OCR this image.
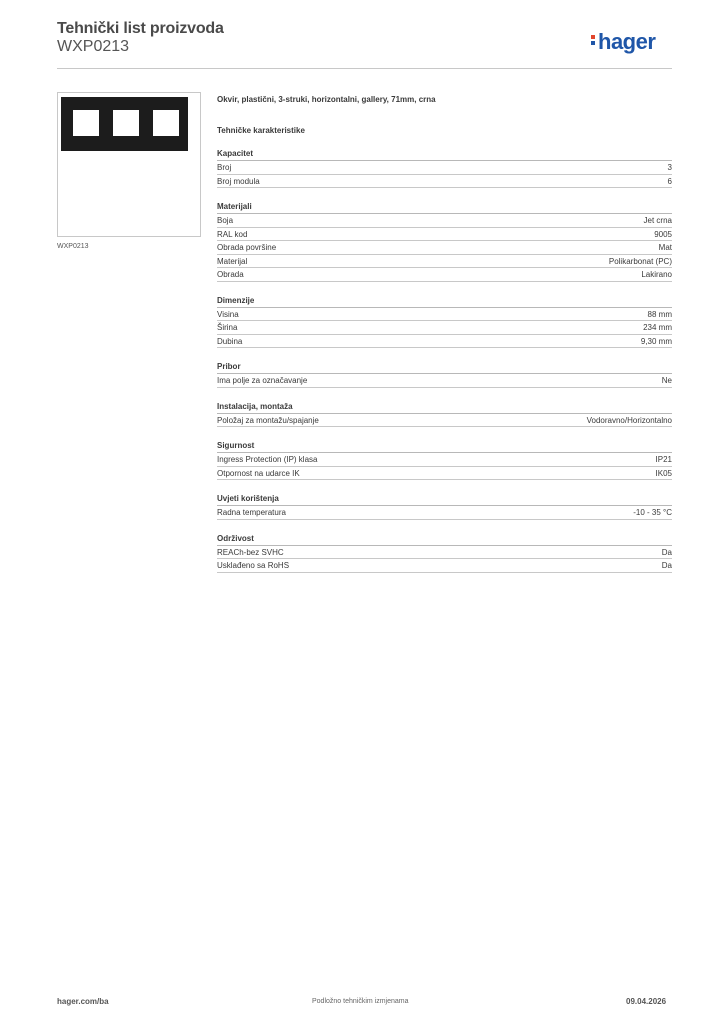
Tehnički list proizvoda
WXP0213	hager
WXP0213
Okvir, plastični, 3-struki, horizontalni, gallery, 71mm, crna
Tehničke karakteristike
Kapacitet
Broj	3
Broj modula	6
Materijali
Boja	Jet crna
RAL kod	9005
Obrada površine	Mat
Materijal	Polikarbonat (PC)
Obrada	Lakirano
Dimenzije
Visina	88 mm
Širina	234 mm
Dubina	9,30 mm
Pribor
Ima polje za označavanje	Ne
Instalacija, montaža
Položaj za montažu/spajanje	Vodoravno/Horizontalno
Sigurnost
Ingress Protection (IP) klasa	IP21
Otpornost na udarce IK	IK05
Uvjeti korištenja
Radna temperatura	-10 - 35 °C
Održivost
REACh-bez SVHC	Da
Usklađeno sa RoHS	Da
hager.com/ba	Podložno tehničkim izmjenama	09.04.2026
